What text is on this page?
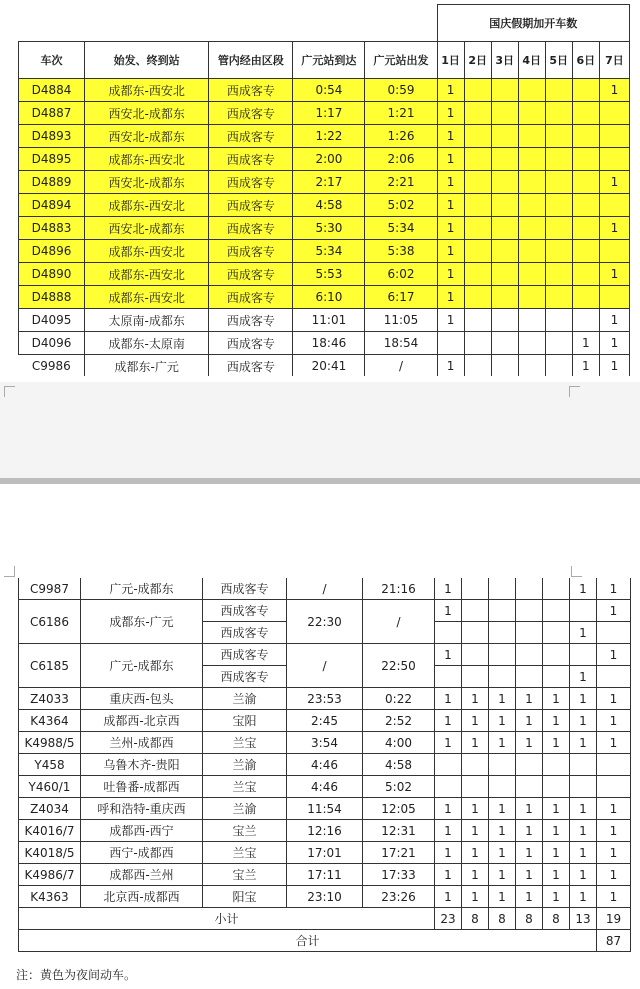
					国庆假期加开车数						
车次	始发、终到站	管内经由区段	广元站到达	广元站出发	1日	2日	3日	4日	5日	6日	7日
D4884	成都东-西安北	西成客专	0:54	0:59	1						1
D4887	西安北-成都东	西成客专	1:17	1:21	1						
D4893	西安北-成都东	西成客专	1:22	1:26	1						
D4895	成都东-西安北	西成客专	2:00	2:06	1						
D4889	西安北-成都东	西成客专	2:17	2:21	1						1
D4894	成都东-西安北	西成客专	4:58	5:02	1						
D4883	西安北-成都东	西成客专	5:30	5:34	1						1
D4896	成都东-西安北	西成客专	5:34	5:38	1						
D4890	成都东-西安北	西成客专	5:53	6:02	1						1
D4888	成都东-西安北	西成客专	6:10	6:17	1						
D4095	太原南-成都东	西成客专	11:01	11:05	1						1
D4096	成都东-太原南	西成客专	18:46	18:54						1	1
C9986	成都东-广元	西成客专	20:41	/	1					1	1
C9987	广元-成都东	西成客专	/	21:16	1					1	1
C6186	成都东-广元	西成客专	22:30	/	1						1
		西成客专								1	
C6185	广元-成都东	西成客专	/	22:50	1						1
		西成客专								1	
Z4033	重庆西-包头	兰渝	23:53	0:22	1	1	1	1	1	1	1
K4364	成都西-北京西	宝阳	2:45	2:52	1	1	1	1	1	1	1
K4988/5	兰州-成都西	兰宝	3:54	4:00	1	1	1	1	1	1	1
Y458	乌鲁木齐-贵阳	兰渝	4:46	4:58							
Y460/1	吐鲁番-成都西	兰宝	4:46	5:02							
Z4034	呼和浩特-重庆西	兰渝	11:54	12:05	1	1	1	1	1	1	1
K4016/7	成都西-西宁	宝兰	12:16	12:31	1	1	1	1	1	1	1
K4018/5	西宁-成都西	兰宝	17:01	17:21	1	1	1	1	1	1	1
K4986/7	成都西-兰州	宝兰	17:11	17:33	1	1	1	1	1	1	1
K4363	北京西-成都西	阳宝	23:10	23:26	1	1	1	1	1	1	1
小计					23	8	8	8	8	13	19
合计											87
注：黄色为夜间动车。
